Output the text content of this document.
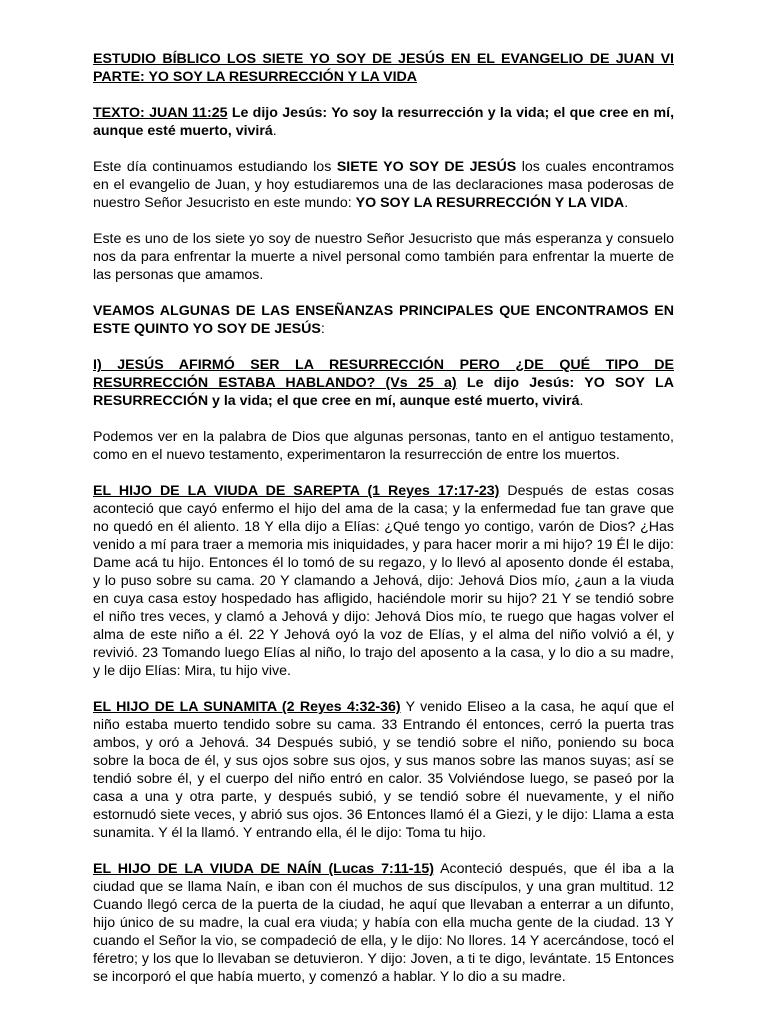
ESTUDIO BÍBLICO LOS SIETE YO SOY DE JESÚS EN EL EVANGELIO DE JUAN VI PARTE: YO SOY LA RESURRECCIÓN Y LA VIDA

TEXTO: JUAN 11:25 Le dijo Jesús: Yo soy la resurrección y la vida; el que cree en mí, aunque esté muerto, vivirá.

Este día continuamos estudiando los SIETE YO SOY DE JESÚS los cuales encontramos en el evangelio de Juan, y hoy estudiaremos una de las declaraciones masa poderosas de nuestro Señor Jesucristo en este mundo: YO SOY LA RESURRECCIÓN Y LA VIDA.

Este es uno de los siete yo soy de nuestro Señor Jesucristo que más esperanza y consuelo nos da para enfrentar la muerte a nivel personal como también para enfrentar la muerte de las personas que amamos.

VEAMOS ALGUNAS DE LAS ENSEÑANZAS PRINCIPALES QUE ENCONTRAMOS EN ESTE QUINTO YO SOY DE JESÚS:

I) JESÚS AFIRMÓ SER LA RESURRECCIÓN PERO ¿DE QUÉ TIPO DE RESURRECCIÓN ESTABA HABLANDO? (Vs 25 a) Le dijo Jesús: YO SOY LA RESURRECCIÓN y la vida; el que cree en mí, aunque esté muerto, vivirá.

Podemos ver en la palabra de Dios que algunas personas, tanto en el antiguo testamento, como en el nuevo testamento, experimentaron la resurrección de entre los muertos.

EL HIJO DE LA VIUDA DE SAREPTA (1 Reyes 17:17-23) Después de estas cosas aconteció que cayó enfermo el hijo del ama de la casa; y la enfermedad fue tan grave que no quedó en él aliento. 18 Y ella dijo a Elías: ¿Qué tengo yo contigo, varón de Dios? ¿Has venido a mí para traer a memoria mis iniquidades, y para hacer morir a mi hijo? 19 Él le dijo: Dame acá tu hijo. Entonces él lo tomó de su regazo, y lo llevó al aposento donde él estaba, y lo puso sobre su cama. 20 Y clamando a Jehová, dijo: Jehová Dios mío, ¿aun a la viuda en cuya casa estoy hospedado has afligido, haciéndole morir su hijo? 21 Y se tendió sobre el niño tres veces, y clamó a Jehová y dijo: Jehová Dios mío, te ruego que hagas volver el alma de este niño a él. 22 Y Jehová oyó la voz de Elías, y el alma del niño volvió a él, y revivió. 23 Tomando luego Elías al niño, lo trajo del aposento a la casa, y lo dio a su madre, y le dijo Elías: Mira, tu hijo vive.

EL HIJO DE LA SUNAMITA (2 Reyes 4:32-36) Y venido Eliseo a la casa, he aquí que el niño estaba muerto tendido sobre su cama. 33 Entrando él entonces, cerró la puerta tras ambos, y oró a Jehová. 34 Después subió, y se tendió sobre el niño, poniendo su boca sobre la boca de él, y sus ojos sobre sus ojos, y sus manos sobre las manos suyas; así se tendió sobre él, y el cuerpo del niño entró en calor. 35 Volviéndose luego, se paseó por la casa a una y otra parte, y después subió, y se tendió sobre él nuevamente, y el niño estornudó siete veces, y abrió sus ojos. 36 Entonces llamó él a Giezi, y le dijo: Llama a esta sunamita. Y él la llamó. Y entrando ella, él le dijo: Toma tu hijo.

EL HIJO DE LA VIUDA DE NAÍN (Lucas 7:11-15) Aconteció después, que él iba a la ciudad que se llama Naín, e iban con él muchos de sus discípulos, y una gran multitud. 12 Cuando llegó cerca de la puerta de la ciudad, he aquí que llevaban a enterrar a un difunto, hijo único de su madre, la cual era viuda; y había con ella mucha gente de la ciudad. 13 Y cuando el Señor la vio, se compadeció de ella, y le dijo: No llores. 14 Y acercándose, tocó el féretro; y los que lo llevaban se detuvieron. Y dijo: Joven, a ti te digo, levántate. 15 Entonces se incorporó el que había muerto, y comenzó a hablar. Y lo dio a su madre.
